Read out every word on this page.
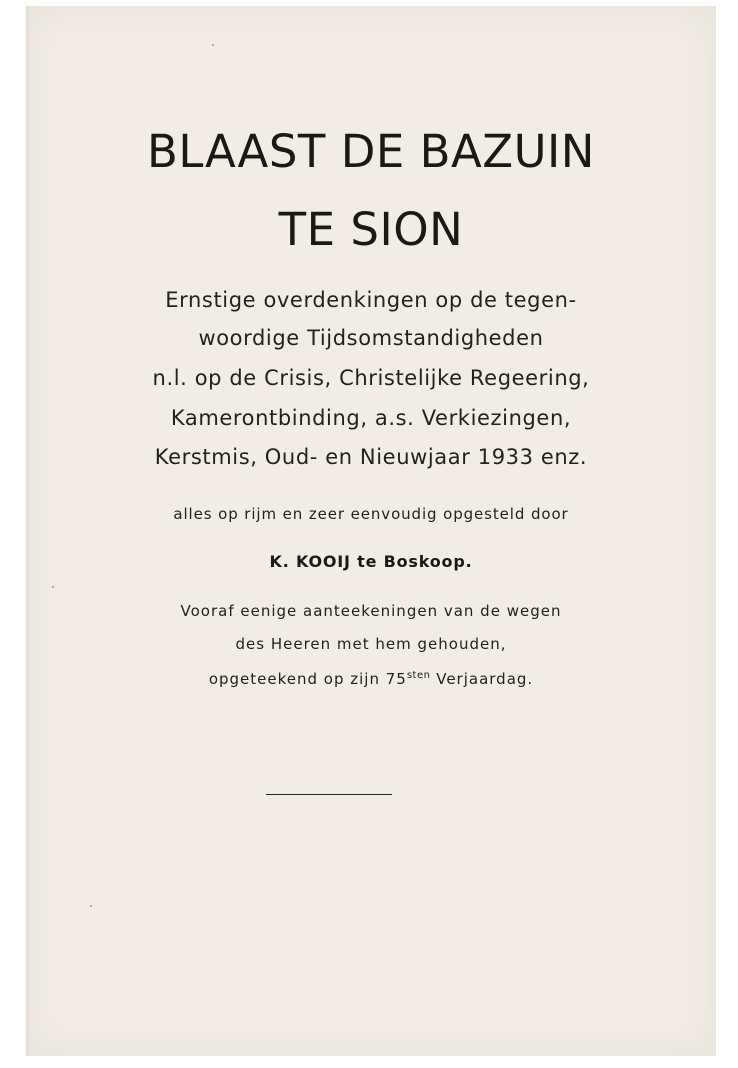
BLAAST DE BAZUIN
TE SION

Ernstige overdenkingen op de tegen-

woordige Tijdsomstandigheden

n.l. op de Crisis, Christelijke Regeering,

Kamerontbinding, a.s. Verkiezingen,

Kerstmis, Oud- en Nieuwjaar 1933 enz.

alles op rijm en zeer eenvoudig opgesteld door

K. KOOIJ te Boskoop.

Vooraf eenige aanteekeningen van de wegen

des Heeren met hem gehouden,

opgeteekend op zijn $75^{sten}$ Verjaardag.
